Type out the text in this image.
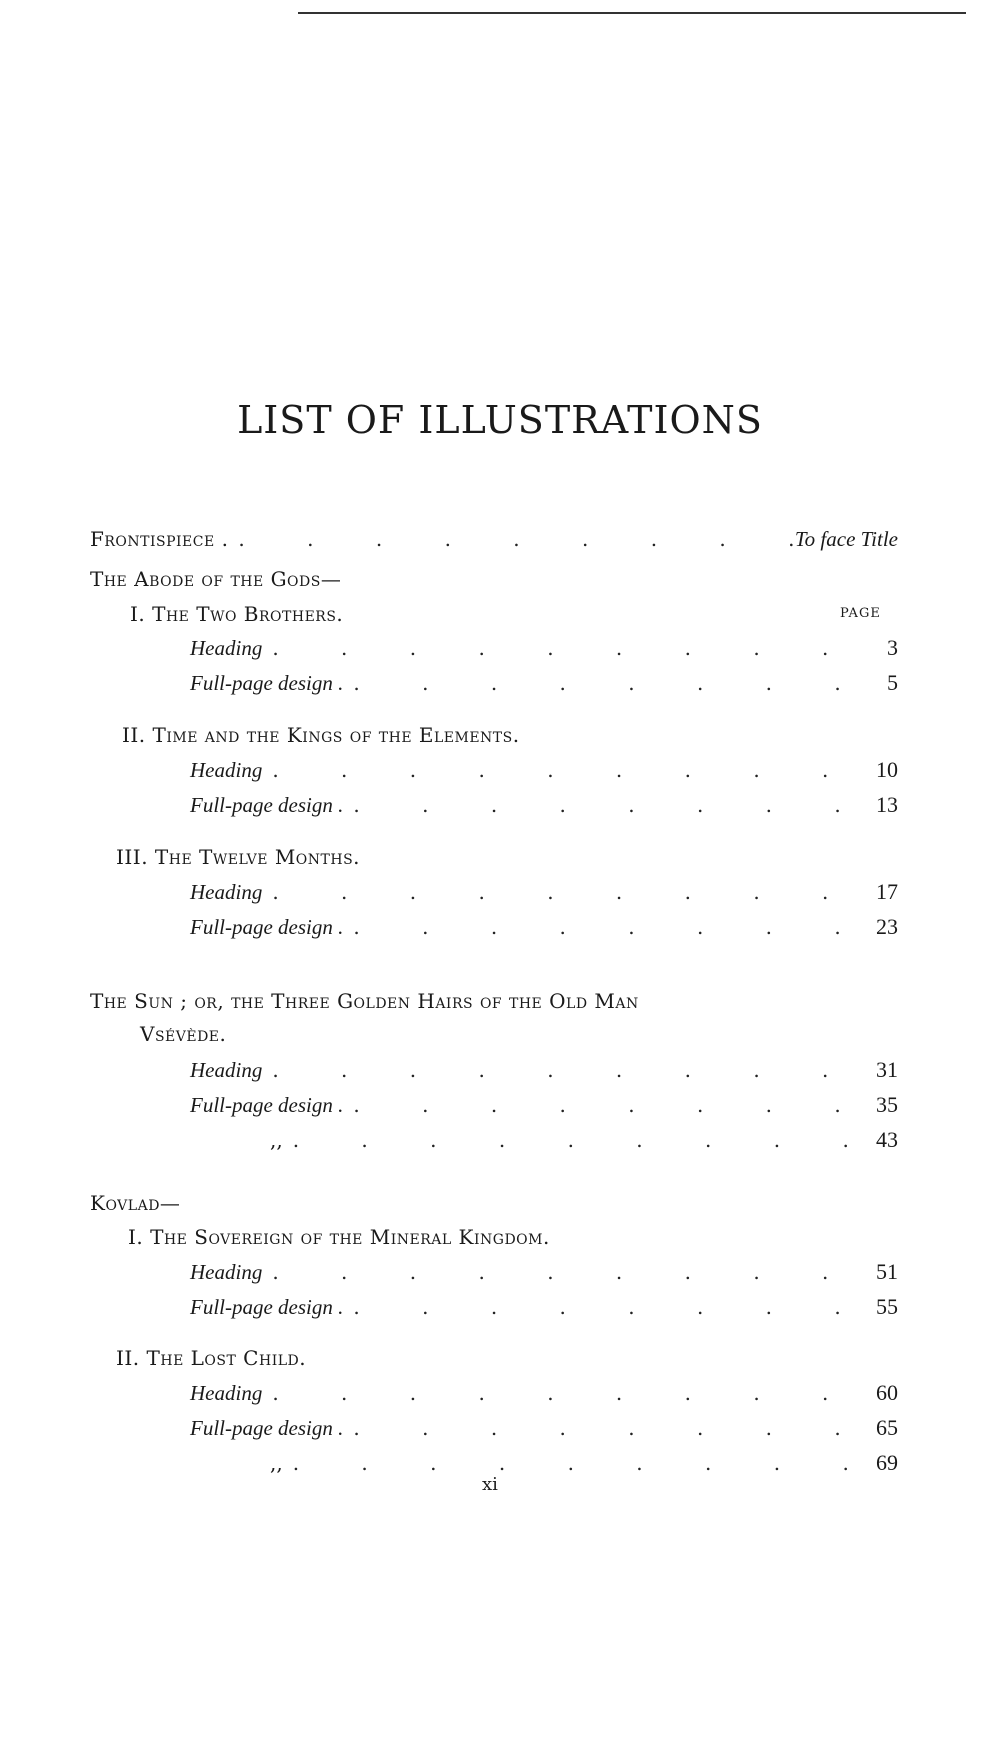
LIST OF ILLUSTRATIONS
Frontispiece . . . .	To face Title
The Abode of the Gods—
I. The Two Brothers.	PAGE
Heading . . .	3
Full-page design . . . .	5
II. Time and the Kings of the Elements.
Heading . . .	10
Full-page design . . . .	13
III. The Twelve Months.
Heading . . .	17
Full-page design . . . .	23
The Sun ; or, the Three Golden Hairs of the Old Man
Vsévède.
Heading . . .	31
Full-page design . . . .	35
,, . . .	43
Kovlad—
I. The Sovereign of the Mineral Kingdom.
Heading . . .	51
Full-page design . . . .	55
II. The Lost Child.
Heading . . .	60
Full-page design . . . .	65
,, . . .	69
xi
